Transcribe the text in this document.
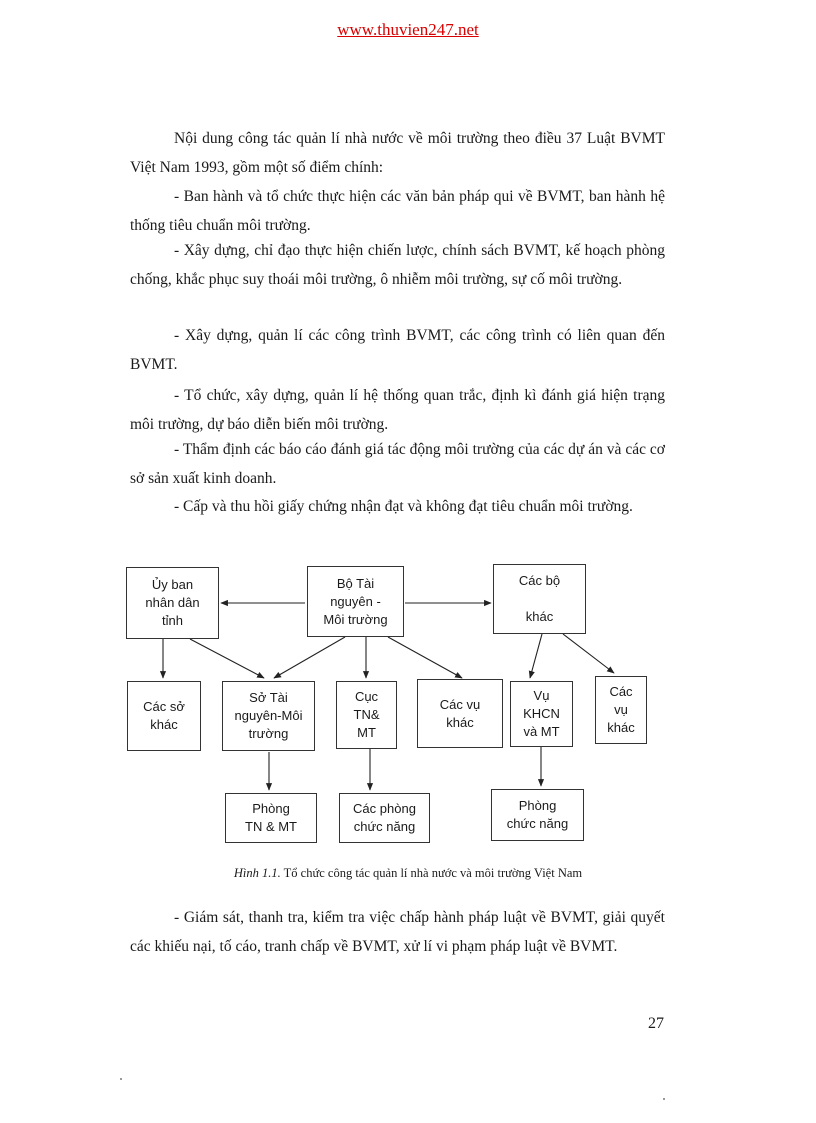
www.thuvien247.net

Nội dung công tác quản lí nhà nước về môi trường theo điều 37 Luật BVMT Việt Nam 1993, gồm một số điểm chính:

- Ban hành và tổ chức thực hiện các văn bản pháp qui về BVMT, ban hành hệ thống tiêu chuẩn môi trường.

- Xây dựng, chỉ đạo thực hiện chiến lược, chính sách BVMT, kế hoạch phòng chống, khắc phục suy thoái môi trường, ô nhiễm môi trường, sự cố môi trường.

- Xây dựng, quản lí các công trình BVMT, các công trình có liên quan đến BVMT.

- Tổ chức, xây dựng, quản lí hệ thống quan trắc, định kì đánh giá hiện trạng môi trường, dự báo diễn biến môi trường.

- Thẩm định các báo cáo đánh giá tác động môi trường của các dự án và các cơ sở sản xuất kinh doanh.

- Cấp và thu hồi giấy chứng nhận đạt và không đạt tiêu chuẩn môi trường.

Ủy ban
nhân dân
tỉnh
Bộ Tài
nguyên -
Môi trường
Các bộ

khác
Các sở
khác
Sở Tài
nguyên-Môi
trường
Cục
TN&
MT
Các vụ
khác
Vụ
KHCN
và MT
Các
vụ
khác
Phòng
TN & MT
Các phòng
chức năng
Phòng
chức năng
Hình 1.1. Tổ chức công tác quản lí nhà nước và môi trường Việt Nam

- Giám sát, thanh tra, kiểm tra việc chấp hành pháp luật về BVMT, giải quyết các khiếu nại, tố cáo, tranh chấp về BVMT, xử lí vi phạm pháp luật về BVMT.

27
